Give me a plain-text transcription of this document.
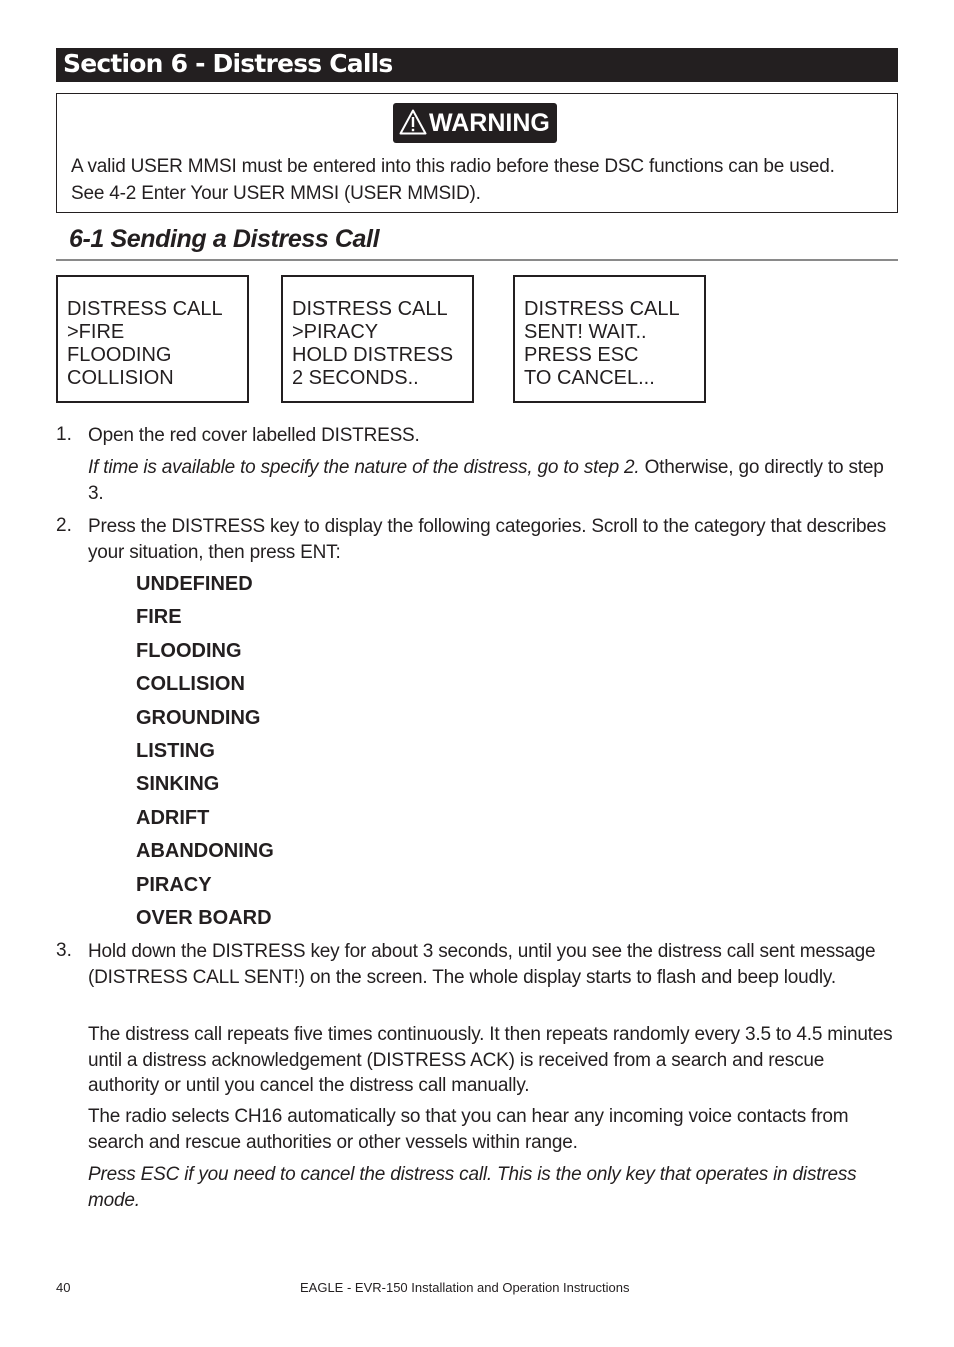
Section 6 - Distress Calls
WARNING
A valid USER MMSI must be entered into this radio before these DSC functions can be used.
See 4-2 Enter Your USER MMSI (USER MMSID).
6-1 Sending a Distress Call
DISTRESS CALL
>FIRE
FLOODING
COLLISION
DISTRESS CALL
>PIRACY
HOLD DISTRESS
2 SECONDS..
DISTRESS CALL
SENT! WAIT..
PRESS ESC
TO CANCEL...
1. Open the red cover labelled DISTRESS.
If time is available to specify the nature of the distress, go to step 2. Otherwise, go directly to step 3.
2. Press the DISTRESS key to display the following categories. Scroll to the category that describes your situation, then press ENT:
UNDEFINED
FIRE
FLOODING
COLLISION
GROUNDING
LISTING
SINKING
ADRIFT
ABANDONING
PIRACY
OVER BOARD
3. Hold down the DISTRESS key for about 3 seconds, until you see the distress call sent message (DISTRESS CALL SENT!) on the screen. The whole display starts to flash and beep loudly.
The distress call repeats five times continuously. It then repeats randomly every 3.5 to 4.5 minutes until a distress acknowledgement (DISTRESS ACK) is received from a search and rescue authority or until you cancel the distress call manually.
The radio selects CH16 automatically so that you can hear any incoming voice contacts from search and rescue authorities or other vessels within range.
Press ESC if you need to cancel the distress call. This is the only key that operates in distress mode.
40	EAGLE - EVR-150 Installation and Operation Instructions
